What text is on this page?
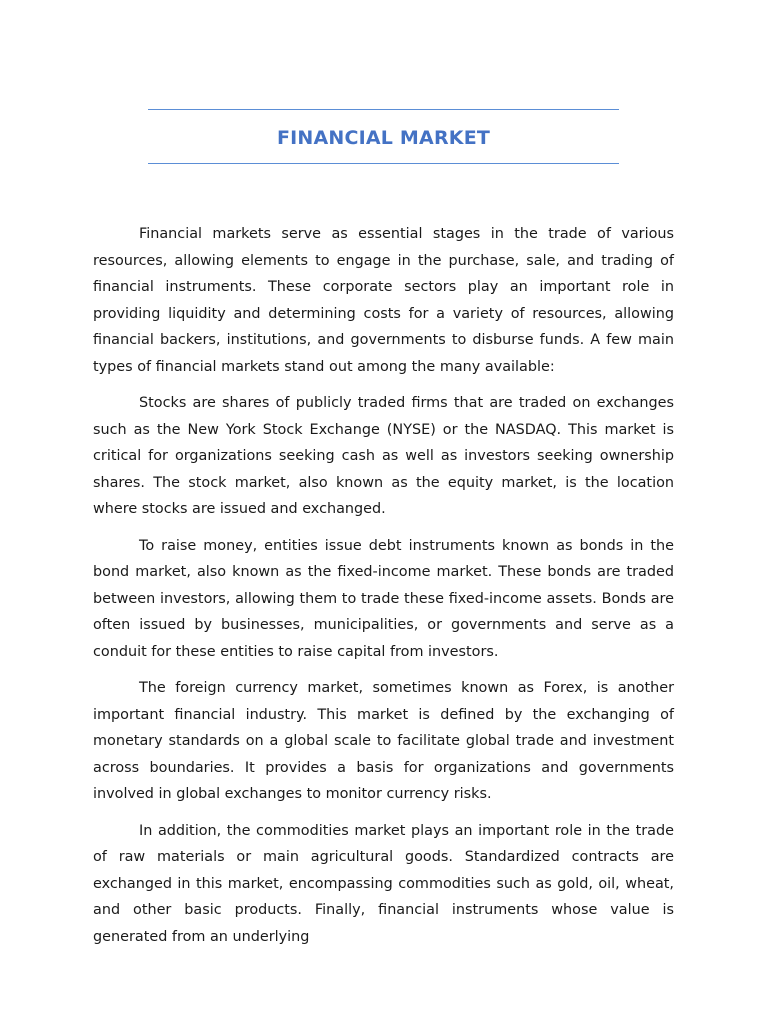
FINANCIAL MARKET

Financial markets serve as essential stages in the trade of various resources, allowing elements to engage in the purchase, sale, and trading of financial instruments. These corporate sectors play an important role in providing liquidity and determining costs for a variety of resources, allowing financial backers, institutions, and governments to disburse funds. A few main types of financial markets stand out among the many available:

Stocks are shares of publicly traded firms that are traded on exchanges such as the New York Stock Exchange (NYSE) or the NASDAQ. This market is critical for organizations seeking cash as well as investors seeking ownership shares. The stock market, also known as the equity market, is the location where stocks are issued and exchanged.

To raise money, entities issue debt instruments known as bonds in the bond market, also known as the fixed-income market. These bonds are traded between investors, allowing them to trade these fixed-income assets. Bonds are often issued by businesses, municipalities, or governments and serve as a conduit for these entities to raise capital from investors.

The foreign currency market, sometimes known as Forex, is another important financial industry. This market is defined by the exchanging of monetary standards on a global scale to facilitate global trade and investment across boundaries. It provides a basis for organizations and governments involved in global exchanges to monitor currency risks.

In addition, the commodities market plays an important role in the trade of raw materials or main agricultural goods. Standardized contracts are exchanged in this market, encompassing commodities such as gold, oil, wheat, and other basic products. Finally, financial instruments whose value is generated from an underlying
